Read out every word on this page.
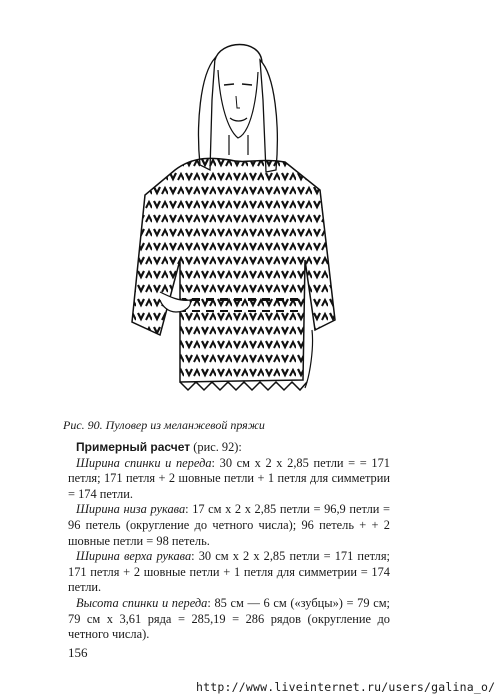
Рис. 90. Пуловер из меланжевой пряжи

Примерный расчет (рис. 92):

Ширина спинки и переда: 30 см х 2 х 2,85 петли = = 171 петля; 171 петля + 2 шовные петли + 1 петля для симметрии = 174 петли.

Ширина низа рукава: 17 см х 2 х 2,85 петли = 96,9 петли = 96 петель (округление до четного числа); 96 петель + + 2 шовные петли = 98 петель.

Ширина верха рукава: 30 см х 2 х 2,85 петли = 171 петля; 171 петля + 2 шовные петли + 1 петля для симметрии = 174 петли.

Высота спинки и переда: 85 см — 6 см («зубцы») = 79 см; 79 см х 3,61 ряда = 285,19 = 286 рядов (округление до четного числа).

156
http://www.liveinternet.ru/users/galina_o/
